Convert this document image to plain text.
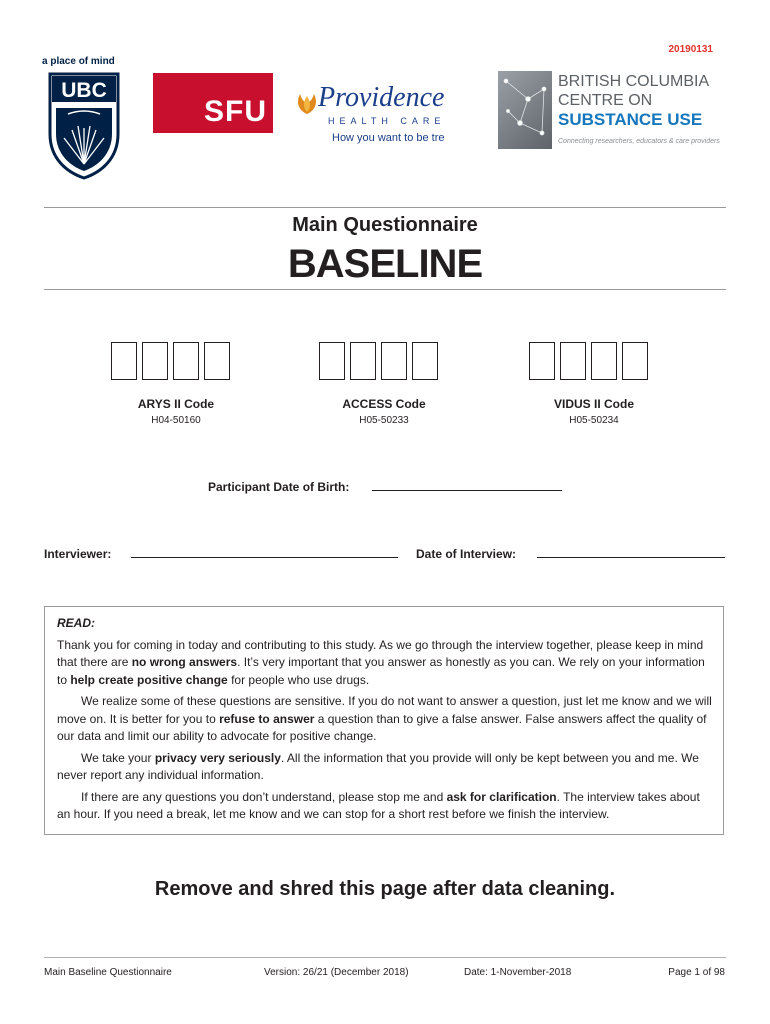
20190131
a place of mind
UBC
SFU Providence
HEALTH CARE
How you want to be tre
BRITISH COLUMBIA
CENTRE ON
SUBSTANCE USE
Connecting researchers, educators & care providers
Main Questionnaire
BASELINE
ARYS II Code
H04-50160
ACCESS Code
H05-50233
VIDUS II Code
H05-50234
Participant Date of Birth:
Interviewer:	Date of Interview:
READ:

Thank you for coming in today and contributing to this study. As we go through the interview together, please keep in mind that there are no wrong answers. It’s very important that you answer as honestly as you can. We rely on your information to help create positive change for people who use drugs.

We realize some of these questions are sensitive. If you do not want to answer a question, just let me know and we will move on. It is better for you to refuse to answer a question than to give a false answer. False answers affect the quality of our data and limit our ability to advocate for positive change.

We take your privacy very seriously. All the information that you provide will only be kept between you and me. We never report any individual information.

If there are any questions you don’t understand, please stop me and ask for clarification. The interview takes about an hour. If you need a break, let me know and we can stop for a short rest before we finish the interview.

Remove and shred this page after data cleaning.
Main Baseline Questionnaire	Version: 26/21 (December 2018)	Date: 1-November-2018	Page 1 of 98
